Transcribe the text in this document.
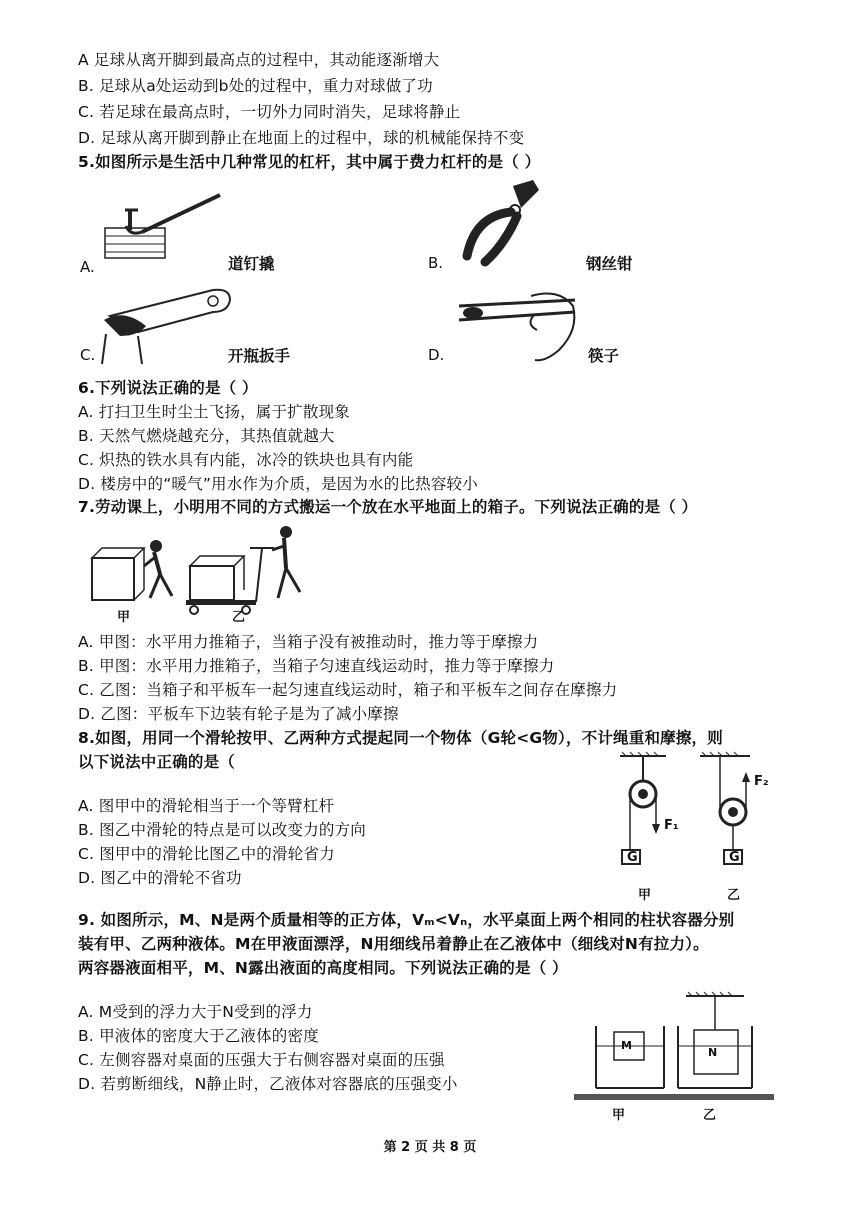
A 足球从离开脚到最高点的过程中，其动能逐渐增大
B. 足球从a处运动到b处的过程中，重力对球做了功
C. 若足球在最高点时，一切外力同时消失，足球将静止
D. 足球从离开脚到静止在地面上的过程中，球的机械能保持不变
5.如图所示是生活中几种常见的杠杆，其中属于费力杠杆的是（ ）
A.	道钉撬	B.	钢丝钳
C.	开瓶扳手	D.	筷子
6.下列说法正确的是（ ）
A. 打扫卫生时尘土飞扬，属于扩散现象
B. 天然气燃烧越充分，其热值就越大
C. 炽热的铁水具有内能，冰冷的铁块也具有内能
D. 楼房中的“暖气”用水作为介质，是因为水的比热容较小
7.劳动课上，小明用不同的方式搬运一个放在水平地面上的箱子。下列说法正确的是（ ）
甲	乙
A. 甲图：水平用力推箱子，当箱子没有被推动时，推力等于摩擦力
B. 甲图：水平用力推箱子，当箱子匀速直线运动时，推力等于摩擦力
C. 乙图：当箱子和平板车一起匀速直线运动时，箱子和平板车之间存在摩擦力
D. 乙图：平板车下边装有轮子是为了减小摩擦
8.如图，用同一个滑轮按甲、乙两种方式提起同一个物体（G轮<G物），不计绳重和摩擦，则
以下说法中正确的是（
A. 图甲中的滑轮相当于一个等臂杠杆
B. 图乙中滑轮的特点是可以改变力的方向
C. 图甲中的滑轮比图乙中的滑轮省力
D. 图乙中的滑轮不省功
F₁
F₂
G	G
甲	乙
9. 如图所示，M、N是两个质量相等的正方体，Vₘ<Vₙ，水平桌面上两个相同的柱状容器分别
装有甲、乙两种液体。M在甲液面漂浮，N用细线吊着静止在乙液体中（细线对N有拉力）。
两容器液面相平，M、N露出液面的高度相同。下列说法正确的是（ ）
A. M受到的浮力大于N受到的浮力
B. 甲液体的密度大于乙液体的密度
C. 左侧容器对桌面的压强大于右侧容器对桌面的压强
D. 若剪断细线，N静止时，乙液体对容器底的压强变小
M
N
甲	乙
第 2 页 共 8 页
